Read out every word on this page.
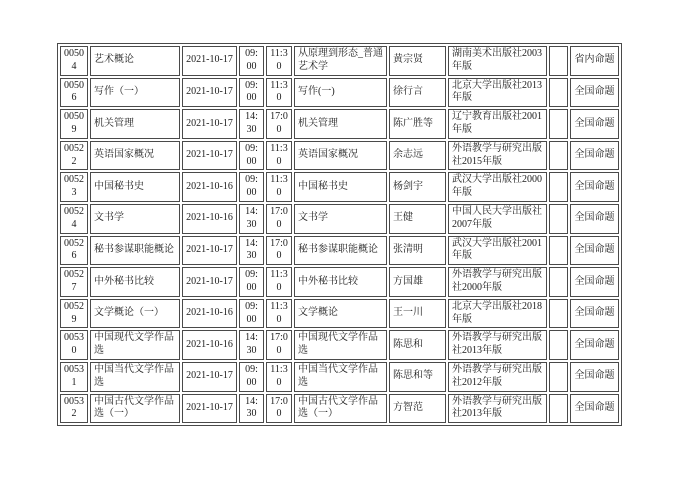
00504	艺术概论	2021-10-17	09:00	11:30	从原理到形态_普通艺术学	黄宗贤	湖南美术出版社2003年版		省内命题
00506	写作（一）	2021-10-17	09:00	11:30	写作(一)	徐行言	北京大学出版社2013年版		全国命题
00509	机关管理	2021-10-17	14:30	17:00	机关管理	陈广胜等	辽宁教育出版社2001年版		全国命题
00522	英语国家概况	2021-10-17	09:00	11:30	英语国家概况	余志远	外语教学与研究出版社2015年版		全国命题
00523	中国秘书史	2021-10-16	09:00	11:30	中国秘书史	杨剑宇	武汉大学出版社2000年版		全国命题
00524	文书学	2021-10-16	14:30	17:00	文书学	王健	中国人民大学出版社2007年版		全国命题
00526	秘书参谋职能概论	2021-10-17	14:30	17:00	秘书参谋职能概论	张清明	武汉大学出版社2001年版		全国命题
00527	中外秘书比较	2021-10-17	09:00	11:30	中外秘书比较	方国雄	外语教学与研究出版社2000年版		全国命题
00529	文学概论（一）	2021-10-16	09:00	11:30	文学概论	王一川	北京大学出版社2018年版		全国命题
00530	中国现代文学作品选	2021-10-16	14:30	17:00	中国现代文学作品选	陈思和	外语教学与研究出版社2013年版		全国命题
00531	中国当代文学作品选	2021-10-17	09:00	11:30	中国当代文学作品选	陈思和等	外语教学与研究出版社2012年版		全国命题
00532	中国古代文学作品选（一）	2021-10-17	14:30	17:00	中国古代文学作品选（一）	方智范	外语教学与研究出版社2013年版		全国命题
